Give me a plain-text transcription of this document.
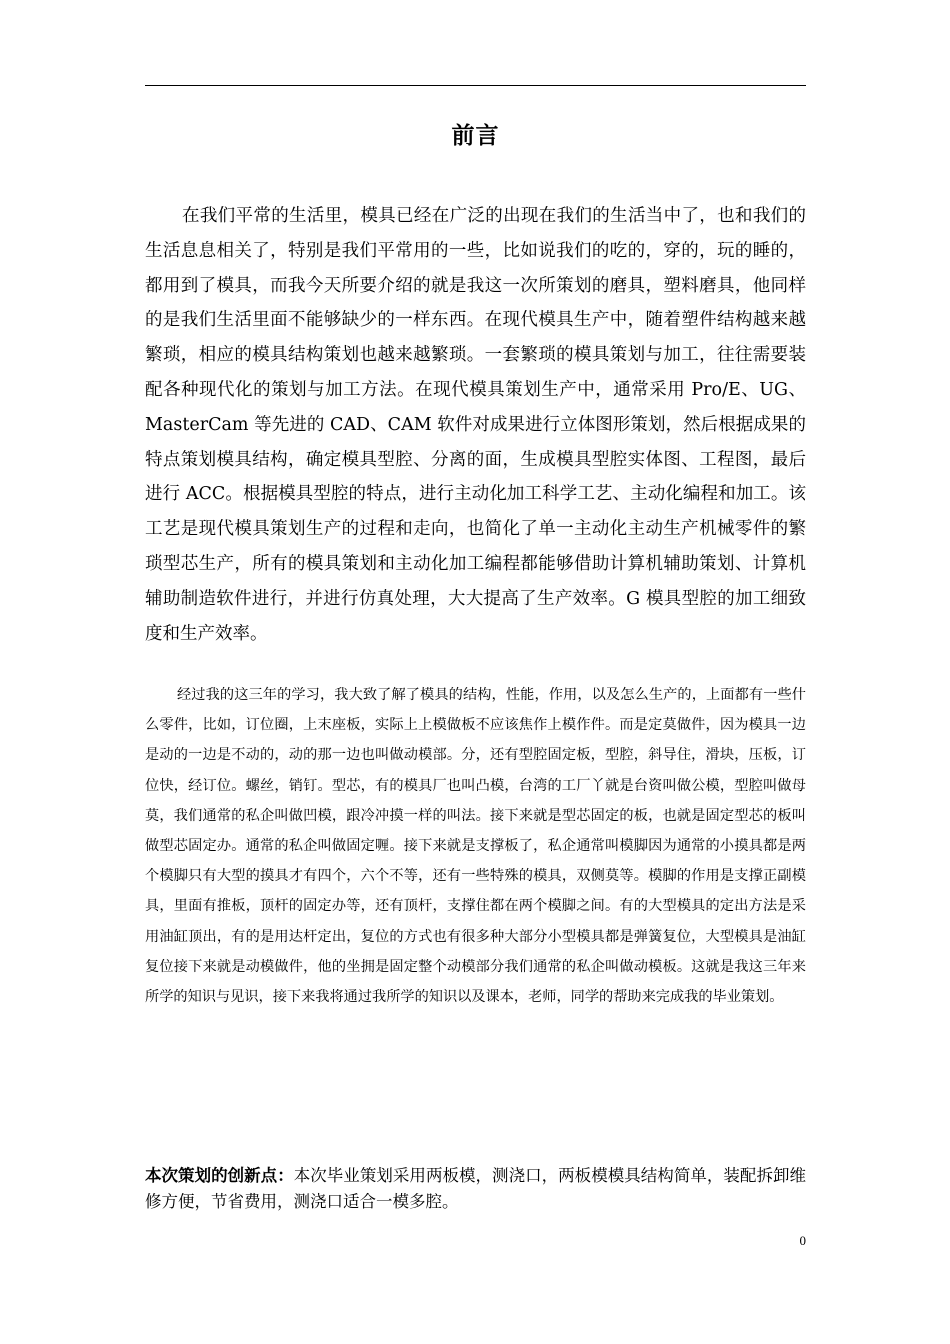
前言

在我们平常的生活里，模具已经在广泛的出现在我们的生活当中了，也和我们的生活息息相关了，特别是我们平常用的一些，比如说我们的吃的，穿的，玩的睡的，都用到了模具，而我今天所要介绍的就是我这一次所策划的磨具，塑料磨具，他同样的是我们生活里面不能够缺少的一样东西。在现代模具生产中，随着塑件结构越来越繁琐，相应的模具结构策划也越来越繁琐。一套繁琐的模具策划与加工，往往需要装配各种现代化的策划与加工方法。在现代模具策划生产中，通常采用 Pro/E、UG、MasterCam 等先进的 CAD、CAM 软件对成果进行立体图形策划，然后根据成果的特点策划模具结构，确定模具型腔、分离的面，生成模具型腔实体图、工程图，最后进行 ACC。根据模具型腔的特点，进行主动化加工科学工艺、主动化编程和加工。该工艺是现代模具策划生产的过程和走向，也简化了单一主动化主动生产机械零件的繁琐型芯生产，所有的模具策划和主动化加工编程都能够借助计算机辅助策划、计算机辅助制造软件进行，并进行仿真处理，大大提高了生产效率。G 模具型腔的加工细致度和生产效率。

经过我的这三年的学习，我大致了解了模具的结构，性能，作用，以及怎么生产的，上面都有一些什么零件，比如，订位圈，上末座板，实际上上模做板不应该焦作上模作件。而是定莫做件，因为模具一边是动的一边是不动的，动的那一边也叫做动模部。分，还有型腔固定板，型腔，斜导住，滑块，压板，订位快，经订位。螺丝，销钉。型芯，有的模具厂也叫凸模，台湾的工厂丫就是台资叫做公模，型腔叫做母莫，我们通常的私企叫做凹模，跟冷冲摸一样的叫法。接下来就是型芯固定的板，也就是固定型芯的板叫做型芯固定办。通常的私企叫做固定喱。接下来就是支撑板了，私企通常叫模脚因为通常的小摸具都是两个模脚只有大型的摸具才有四个，六个不等，还有一些特殊的模具，双侧莫等。模脚的作用是支撑正副模具，里面有推板，顶杆的固定办等，还有顶杆，支撑住都在两个模脚之间。有的大型模具的定出方法是采用油缸顶出，有的是用达杆定出，复位的方式也有很多种大部分小型模具都是弹簧复位，大型模具是油缸复位接下来就是动模做件，他的坐拥是固定整个动模部分我们通常的私企叫做动模板。这就是我这三年来所学的知识与见识，接下来我将通过我所学的知识以及课本，老师，同学的帮助来完成我的毕业策划。

本次策划的创新点：本次毕业策划采用两板模，测浇口，两板模模具结构简单，装配拆卸维修方便，节省费用，测浇口适合一模多腔。

0
